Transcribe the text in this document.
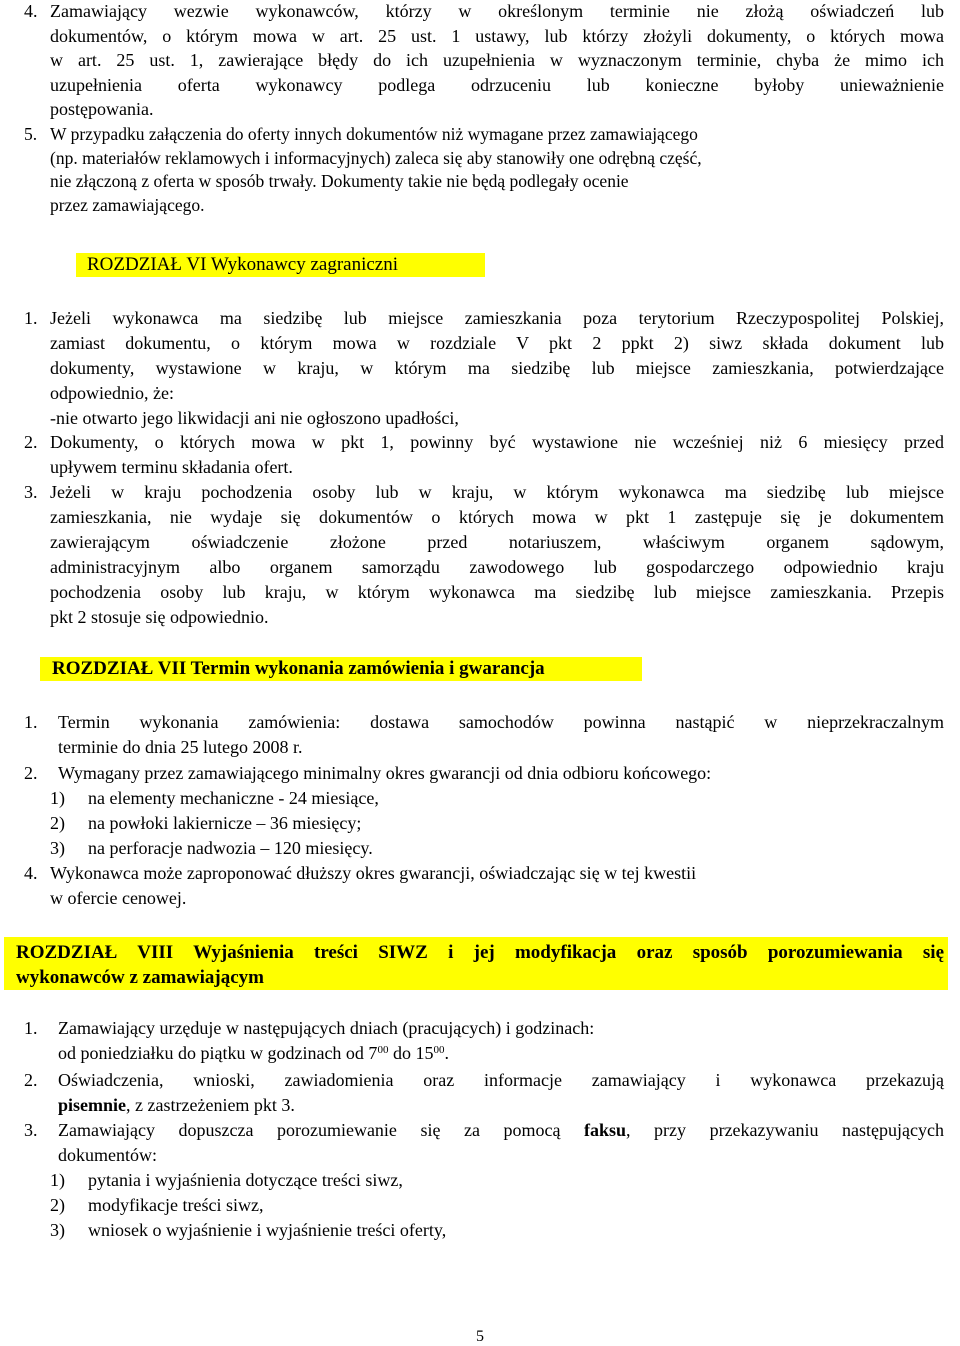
4. Zamawiający wezwie wykonawców, którzy w określonym terminie nie złożą oświadczeń lub
dokumentów, o którym mowa w art. 25 ust. 1 ustawy, lub którzy złożyli dokumenty, o których mowa
w art. 25 ust. 1, zawierające błędy do ich uzupełnienia w wyznaczonym terminie, chyba że mimo ich
uzupełnienia oferta wykonawcy podlega odrzuceniu lub konieczne byłoby unieważnienie
postępowania.
5. W przypadku załączenia do oferty innych dokumentów niż wymagane przez zamawiającego
(np. materiałów reklamowych i informacyjnych) zaleca się aby stanowiły one odrębną część,
nie złączoną z oferta w sposób trwały. Dokumenty takie nie będą podlegały ocenie
przez zamawiającego.
ROZDZIAŁ VI Wykonawcy zagraniczni
1. Jeżeli wykonawca ma siedzibę lub miejsce zamieszkania poza terytorium Rzeczypospolitej Polskiej,
zamiast dokumentu, o którym mowa w rozdziale V pkt 2 ppkt 2) siwz składa dokument lub
dokumenty, wystawione w kraju, w którym ma siedzibę lub miejsce zamieszkania, potwierdzające
odpowiednio, że:
-nie otwarto jego likwidacji ani nie ogłoszono upadłości,
2. Dokumenty, o których mowa w pkt 1, powinny być wystawione nie wcześniej niż 6 miesięcy przed
upływem terminu składania ofert.
3. Jeżeli w kraju pochodzenia osoby lub w kraju, w którym wykonawca ma siedzibę lub miejsce
zamieszkania, nie wydaje się dokumentów o których mowa w pkt 1 zastępuje się je dokumentem
zawierającym oświadczenie złożone przed notariuszem, właściwym organem sądowym,
administracyjnym albo organem samorządu zawodowego lub gospodarczego odpowiednio kraju
pochodzenia osoby lub kraju, w którym wykonawca ma siedzibę lub miejsce zamieszkania. Przepis
pkt 2 stosuje się odpowiednio.
ROZDZIAŁ VII Termin wykonania zamówienia i gwarancja
1. Termin wykonania zamówienia: dostawa samochodów powinna nastąpić w nieprzekraczalnym
terminie do dnia 25 lutego 2008 r.
2. Wymagany przez zamawiającego minimalny okres gwarancji od dnia odbioru końcowego:
1) na elementy mechaniczne - 24 miesiące,
2) na powłoki lakiernicze – 36 miesięcy;
3) na perforacje nadwozia – 120 miesięcy.
4. Wykonawca może zaproponować dłuższy okres gwarancji, oświadczając się w tej kwestii
w ofercie cenowej.
ROZDZIAŁ VIII Wyjaśnienia treści SIWZ i jej modyfikacja oraz sposób porozumiewania się
wykonawców z zamawiającym
1. Zamawiający urzęduje w następujących dniach (pracujących) i godzinach:
od poniedziałku do piątku w godzinach od $7^{00}$ do $15^{00}$.
2. Oświadczenia, wnioski, zawiadomienia oraz informacje zamawiający i wykonawca przekazują
pisemnie, z zastrzeżeniem pkt 3.
3. Zamawiający dopuszcza porozumiewanie się za pomocą faksu, przy przekazywaniu następujących
dokumentów:
1) pytania i wyjaśnienia dotyczące treści siwz,
2) modyfikacje treści siwz,
3) wniosek o wyjaśnienie i wyjaśnienie treści oferty,
5
